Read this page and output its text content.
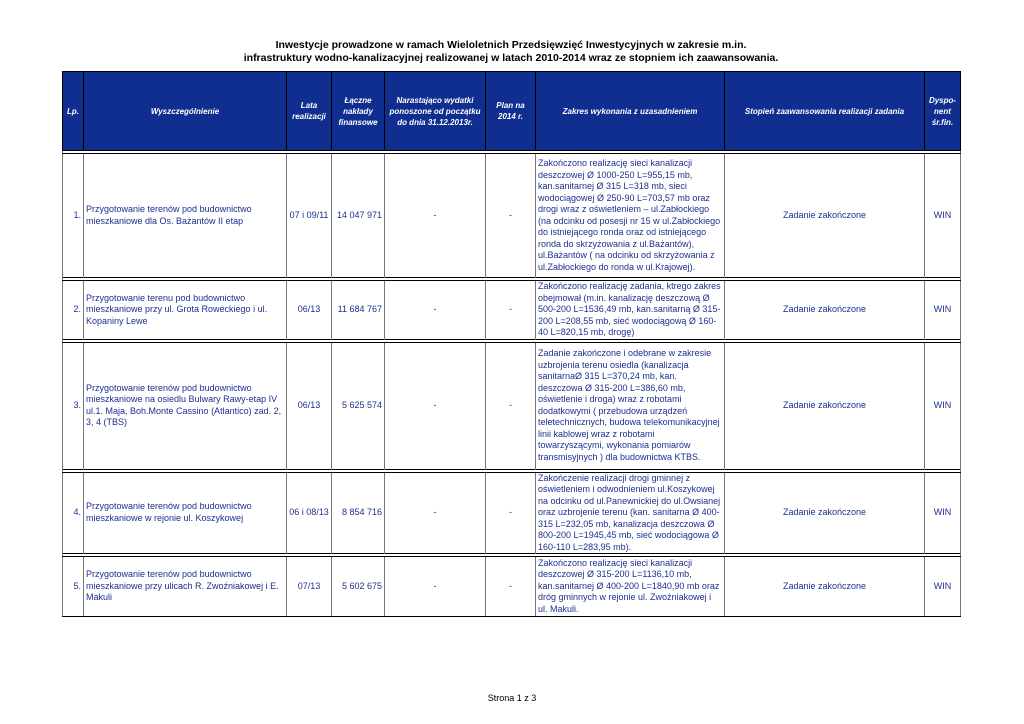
Inwestycje prowadzone w ramach Wieloletnich Przedsięwzięć Inwestycyjnych w zakresie m.in.
infrastruktury wodno-kanalizacyjnej realizowanej w latach 2010-2014 wraz ze stopniem ich zaawansowania.
Lp.	Wyszczególnienie	Lata realizacji	Łączne nakłady finansowe	Narastająco wydatki ponoszone od początku do dnia 31.12.2013r.	Plan na 2014 r.	Zakres wykonania z uzasadnieniem	Stopień zaawansowania realizacji zadania	Dyspo-nent śr.fin.

1.	Przygotowanie terenów pod budownictwo mieszkaniowe dla Os. Bażantów II etap	07 i 09/11	14 047 971	-	-	Zakończono realizację sieci kanalizacji deszczowej Ø 1000-250 L=955,15 mb, kan.sanitarnej Ø 315 L=318 mb, sieci wodociągowej Ø 250-90 L=703,57 mb oraz drogi wraz z oświetleniem – ul.Zabłockiego (na odcinku od posesji nr 15 w ul.Zabłockiego do istniejącego ronda oraz od istniejącego ronda do skrzyżowania z ul.Bażantów), ul.Bażantów ( na odcinku od skrzyżowania z ul.Zabłockiego do ronda w ul.Krajowej).	Zadanie zakończone	WIN

2.	Przygotowanie terenu pod budownictwo mieszkaniowe przy ul. Grota Roweckiego i ul. Kopaniny Lewe	06/13	11 684 767	-	-	Zakończono realizację zadania, ktrego zakres obejmował (m.in. kanalizację deszczową Ø 500-200 L=1536,49 mb, kan.sanitarną Ø 315-200 L=208,55 mb, sieć wodociągową Ø 160-40 L=820,15 mb, drogę)	Zadanie zakończone	WIN

3.	Przygotowanie terenów pod budownictwo mieszkaniowe na osiedlu Bulwary Rawy-etap IV ul.1. Maja, Boh.Monte Cassino (Atlantico) zad. 2, 3, 4 (TBS)	06/13	5 625 574	-	-	Zadanie zakończone i odebrane w zakresie uzbrojenia terenu osiedla (kanalizacja sanitarnaØ 315 L=370,24 mb, kan. deszczowa Ø 315-200 L=386,60 mb, oświetlenie i droga) wraz z robotami dodatkowymi ( przebudowa urządzeń teletechnicznych, budowa telekomunikacyjnej linii kablowej wraz z robotami towarzyszącymi, wykonania pomiarów transmisyjnych ) dla budownictwa KTBS.	Zadanie zakończone	WIN

4.	Przygotowanie terenów pod budownictwo mieszkaniowe w rejonie ul. Koszykowej	06 i 08/13	8 854 716	-	-	Zakończenie realizacji drogi gminnej z oświetleniem i odwodnieniem ul.Koszykowej na odcinku od ul.Panewnickiej do ul.Owsianej oraz uzbrojenie terenu (kan. sanitarna Ø 400-315 L=232,05 mb, kanalizacja deszczowa Ø 800-200 L=1945,45 mb, sieć wodociągowa Ø 160-110 L=283,95 mb).	Zadanie zakończone	WIN

5.	Przygotowanie terenów pod budownictwo mieszkaniowe przy ulicach R. Zwoźniakowej i E. Makuli	07/13	5 602 675	-	-	Zakończono realizację sieci kanalizacji deszczowej Ø 315-200 L=1136,10 mb, kan.sanitarnej Ø 400-200 L=1840,90 mb oraz dróg gminnych w rejonie ul. Zwoźniakowej i ul. Makuli.	Zadanie zakończone	WIN
Strona 1 z 3
